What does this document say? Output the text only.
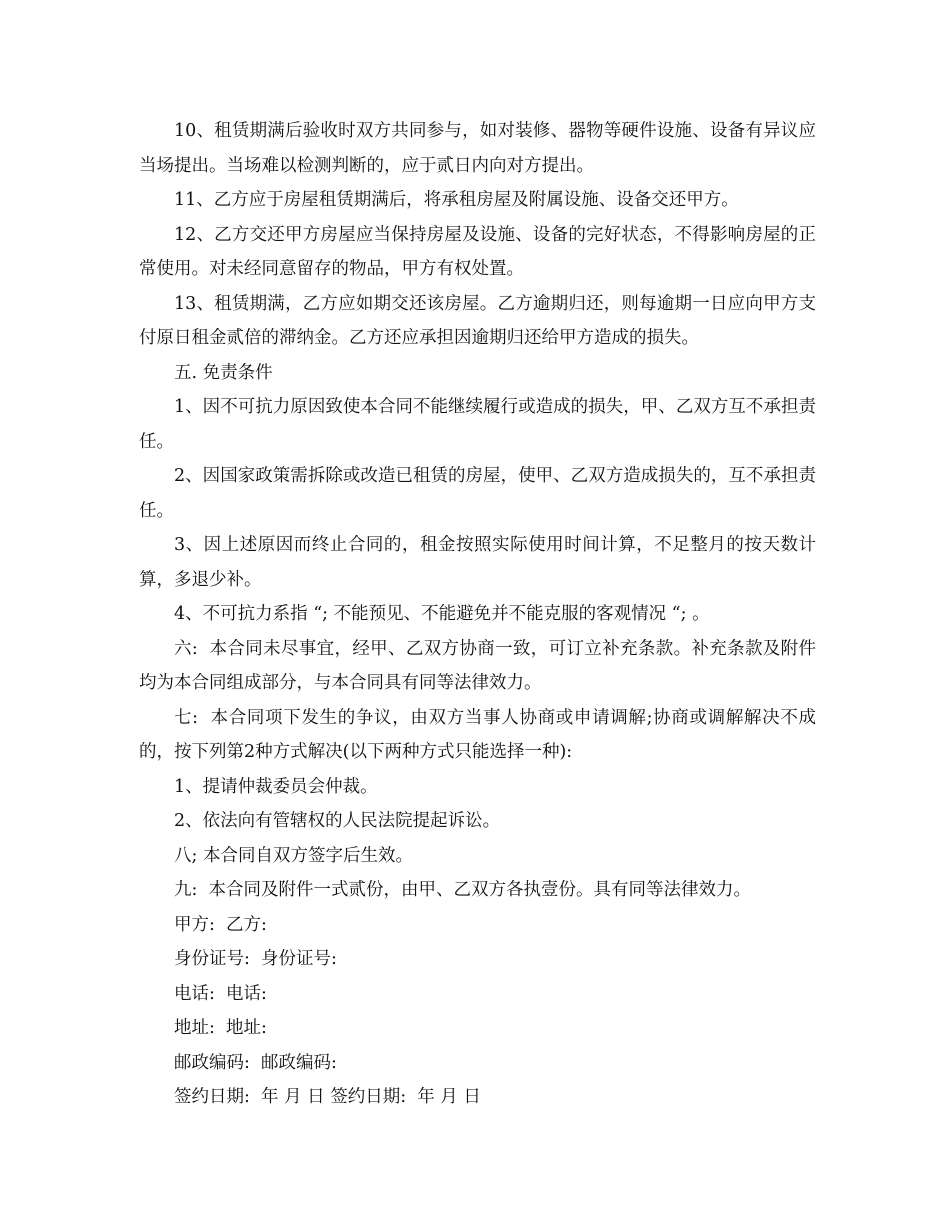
10、租赁期满后验收时双方共同参与，如对装修、器物等硬件设施、设备有异议应当场提出。当场难以检测判断的，应于贰日内向对方提出。

11、乙方应于房屋租赁期满后，将承租房屋及附属设施、设备交还甲方。

12、乙方交还甲方房屋应当保持房屋及设施、设备的完好状态，不得影响房屋的正常使用。对未经同意留存的物品，甲方有权处置。

13、租赁期满，乙方应如期交还该房屋。乙方逾期归还，则每逾期一日应向甲方支付原日租金贰倍的滞纳金。乙方还应承担因逾期归还给甲方造成的损失。

五. 免责条件

1、因不可抗力原因致使本合同不能继续履行或造成的损失，甲、乙双方互不承担责任。

2、因国家政策需拆除或改造已租赁的房屋，使甲、乙双方造成损失的，互不承担责任。

3、因上述原因而终止合同的，租金按照实际使用时间计算，不足整月的按天数计算，多退少补。

4、不可抗力系指 “; 不能预见、不能避免并不能克服的客观情况 “; 。

六:  本合同未尽事宜，经甲、乙双方协商一致，可订立补充条款。补充条款及附件均为本合同组成部分，与本合同具有同等法律效力。

七:  本合同项下发生的争议，由双方当事人协商或申请调解;协商或调解解决不成的，按下列第2种方式解决(以下两种方式只能选择一种):

1、提请仲裁委员会仲裁。

2、依法向有管辖权的人民法院提起诉讼。

八; 本合同自双方签字后生效。

九:  本合同及附件一式贰份，由甲、乙双方各执壹份。具有同等法律效力。

甲方:  乙方:

身份证号:  身份证号:

电话:  电话:

地址:  地址:

邮政编码:  邮政编码:

签约日期:  年 月 日 签约日期:  年 月 日
